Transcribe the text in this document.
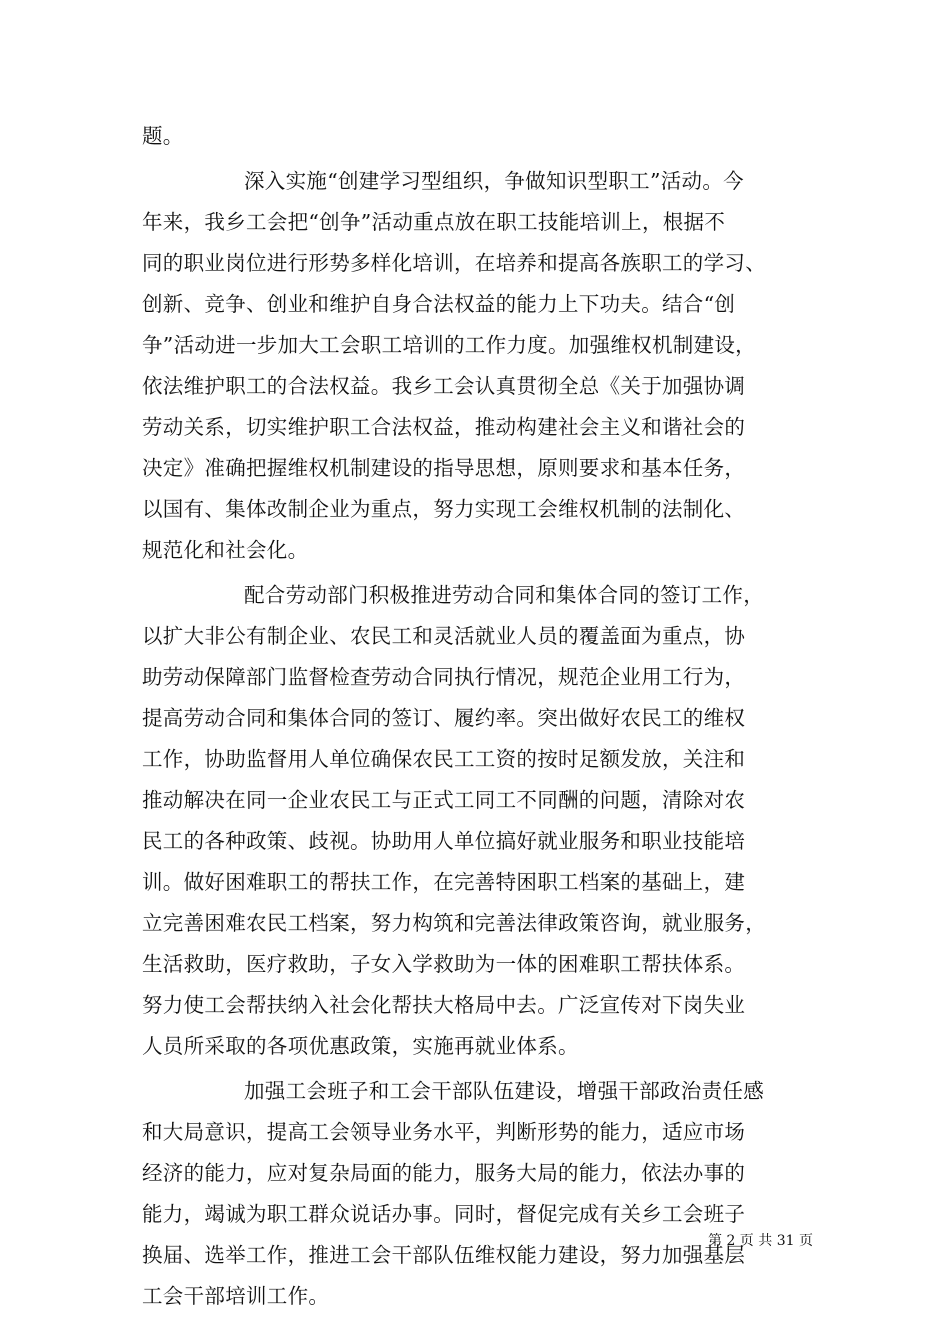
题。
深入实施“创建学习型组织，争做知识型职工”活动。今
年来，我乡工会把“创争”活动重点放在职工技能培训上，根据不
同的职业岗位进行形势多样化培训，在培养和提高各族职工的学习、
创新、竞争、创业和维护自身合法权益的能力上下功夫。结合“创
争”活动进一步加大工会职工培训的工作力度。加强维权机制建设，
依法维护职工的合法权益。我乡工会认真贯彻全总《关于加强协调
劳动关系，切实维护职工合法权益，推动构建社会主义和谐社会的
决定》准确把握维权机制建设的指导思想，原则要求和基本任务，
以国有、集体改制企业为重点，努力实现工会维权机制的法制化、
规范化和社会化。
配合劳动部门积极推进劳动合同和集体合同的签订工作，
以扩大非公有制企业、农民工和灵活就业人员的覆盖面为重点，协
助劳动保障部门监督检查劳动合同执行情况，规范企业用工行为，
提高劳动合同和集体合同的签订、履约率。突出做好农民工的维权
工作，协助监督用人单位确保农民工工资的按时足额发放，关注和
推动解决在同一企业农民工与正式工同工不同酬的问题，清除对农
民工的各种政策、歧视。协助用人单位搞好就业服务和职业技能培
训。做好困难职工的帮扶工作，在完善特困职工档案的基础上，建
立完善困难农民工档案，努力构筑和完善法律政策咨询，就业服务，
生活救助，医疗救助，子女入学救助为一体的困难职工帮扶体系。
努力使工会帮扶纳入社会化帮扶大格局中去。广泛宣传对下岗失业
人员所采取的各项优惠政策，实施再就业体系。
加强工会班子和工会干部队伍建设，增强干部政治责任感
和大局意识，提高工会领导业务水平，判断形势的能力，适应市场
经济的能力，应对复杂局面的能力，服务大局的能力，依法办事的
能力，竭诚为职工群众说话办事。同时，督促完成有关乡工会班子
换届、选举工作，推进工会干部队伍维权能力建设，努力加强基层
工会干部培训工作。
第 2 页 共 31 页
